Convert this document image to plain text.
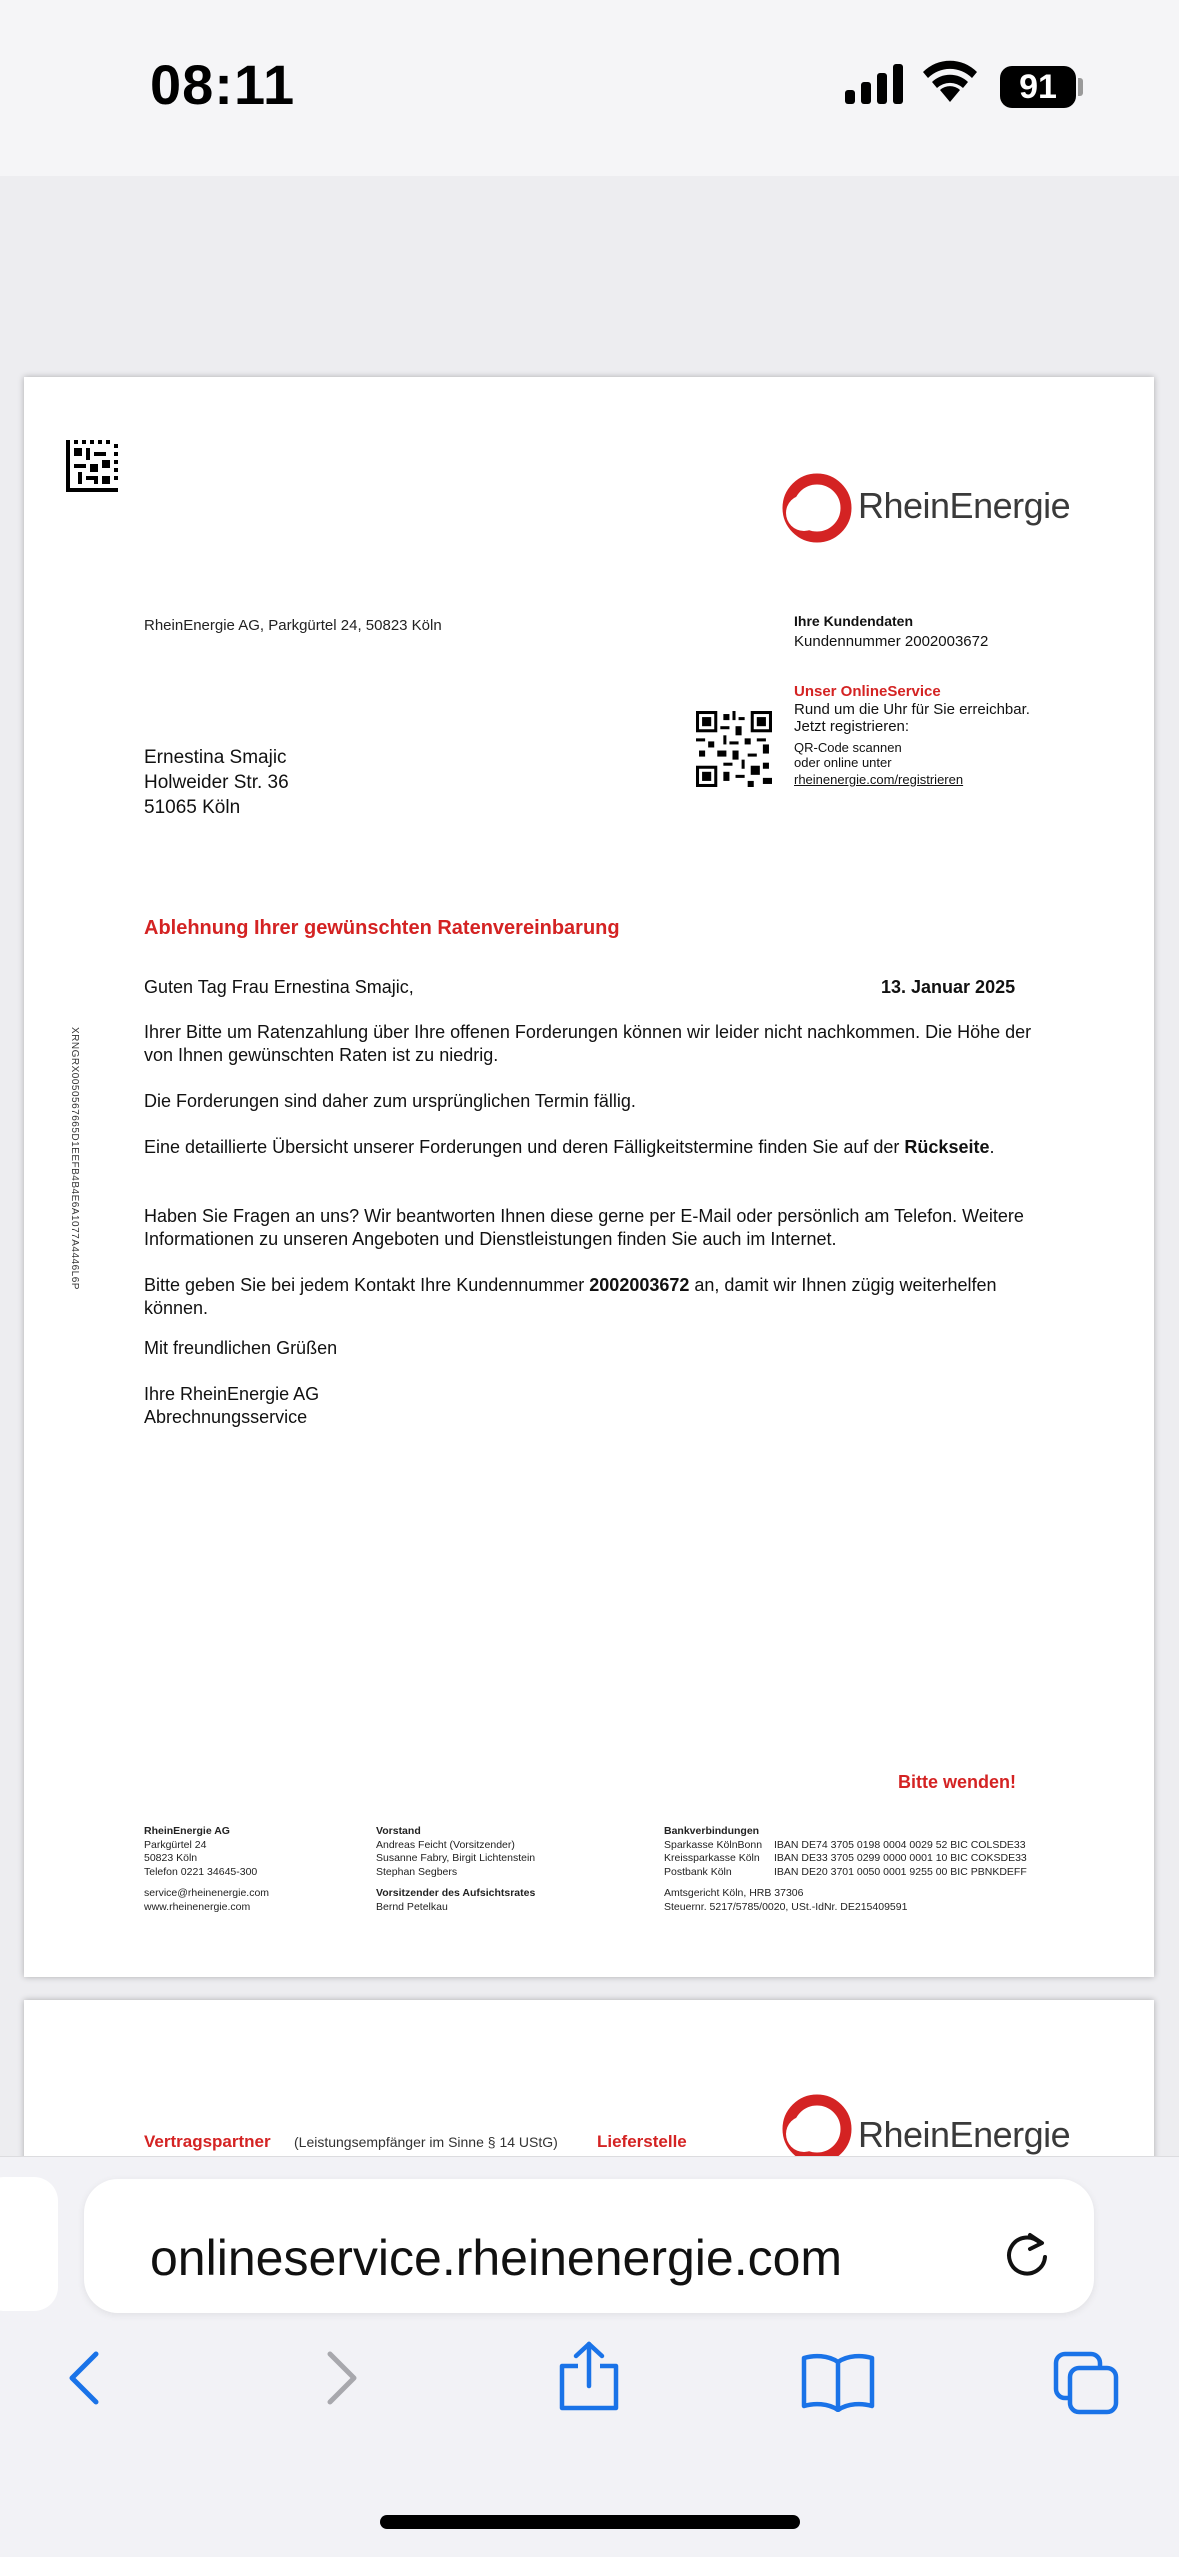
08:11	91
RheinEnergie
RheinEnergie AG, Parkgürtel 24, 50823 Köln	Ihre Kundendaten
Kundennummer 2002003672
Unser OnlineService
Rund um die Uhr für Sie erreichbar.
Jetzt registrieren:
QR-Code scannen
oder online unter
rheinenergie.com/registrieren
Ernestina Smajic
Holweider Str. 36
51065 Köln
Ablehnung Ihrer gewünschten Ratenvereinbarung
Guten Tag Frau Ernestina Smajic,	13. Januar 2025
XRNGRX0050567665D1EEFB4B4E6A1077A4446L6P	Ihrer Bitte um Ratenzahlung über Ihre offenen Forderungen können wir leider nicht nachkommen. Die Höhe der von Ihnen gewünschten Raten ist zu niedrig.
Die Forderungen sind daher zum ursprünglichen Termin fällig.
Eine detaillierte Übersicht unserer Forderungen und deren Fälligkeitstermine finden Sie auf der Rückseite.
Haben Sie Fragen an uns? Wir beantworten Ihnen diese gerne per E-Mail oder persönlich am Telefon. Weitere Informationen zu unseren Angeboten und Dienstleistungen finden Sie auch im Internet.
Bitte geben Sie bei jedem Kontakt Ihre Kundennummer 2002003672 an, damit wir Ihnen zügig weiterhelfen können.
Mit freundlichen Grüßen
Ihre RheinEnergie AG
Abrechnungsservice
Bitte wenden!
RheinEnergie AG
Parkgürtel 24
50823 Köln
Telefon 0221 34645-300
service@rheinenergie.com
www.rheinenergie.com
Vorstand
Andreas Feicht (Vorsitzender)
Susanne Fabry, Birgit Lichtenstein
Stephan Segbers
Vorsitzender des Aufsichtsrates
Bernd Petelkau
Bankverbindungen
Sparkasse KölnBonn IBAN DE74 3705 0198 0004 0029 52 BIC COLSDE33
Kreissparkasse Köln IBAN DE33 3705 0299 0000 0001 10 BIC COKSDE33
Postbank Köln	IBAN DE20 3701 0050 0001 9255 00 BIC PBNKDEFF
Amtsgericht Köln, HRB 37306
Steuernr. 5217/5785/0020, USt.-IdNr. DE215409591
RheinEnergie
Vertragspartner (Leistungsempfänger im Sinne § 14 UStG) Lieferstelle
onlineservice.rheinenergie.com
